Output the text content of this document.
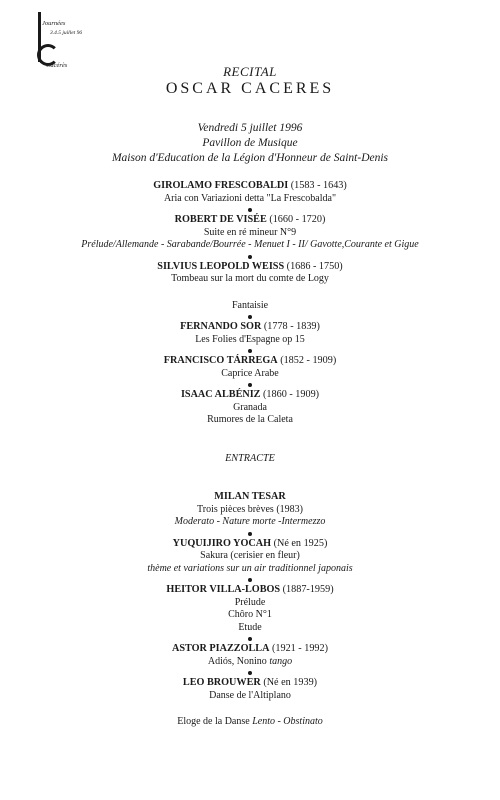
Journées
3.4.5 juillet 96
Cacérès	RECITAL
OSCAR CACERES
Vendredi 5 juillet 1996
Pavillon de Musique
Maison d'Education de la Légion d'Honneur de Saint-Denis
GIROLAMO FRESCOBALDI (1583 - 1643)
Aria con Variazioni detta "La Frescobalda"
ROBERT DE VISÉE (1660 - 1720)
Suite en ré mineur N°9
Prélude/Allemande - Sarabande/Bourrée - Menuet I - II/ Gavotte,Courante et Gigue
SILVIUS LEOPOLD WEISS (1686 - 1750)
Tombeau sur la mort du comte de Logy
Fantaisie
FERNANDO SOR (1778 - 1839)
Les Folies d'Espagne op 15
FRANCISCO TÁRREGA (1852 - 1909)
Caprice Arabe
ISAAC ALBÉNIZ (1860 - 1909)
Granada
Rumores de la Caleta
ENTRACTE
MILAN TESAR
Trois pièces brèves (1983)
Moderato - Nature morte -Intermezzo
YUQUIJIRO YOCAH (Né en 1925)
Sakura (cerisier en fleur)
thème et variations sur un air traditionnel japonais
HEITOR VILLA-LOBOS (1887-1959)
Prélude
Chôro N°1
Etude
ASTOR PIAZZOLLA (1921 - 1992)
Adiós, Nonino tango
LEO BROUWER (Né en 1939)
Danse de l'Altiplano
Eloge de la Danse Lento - Obstinato
